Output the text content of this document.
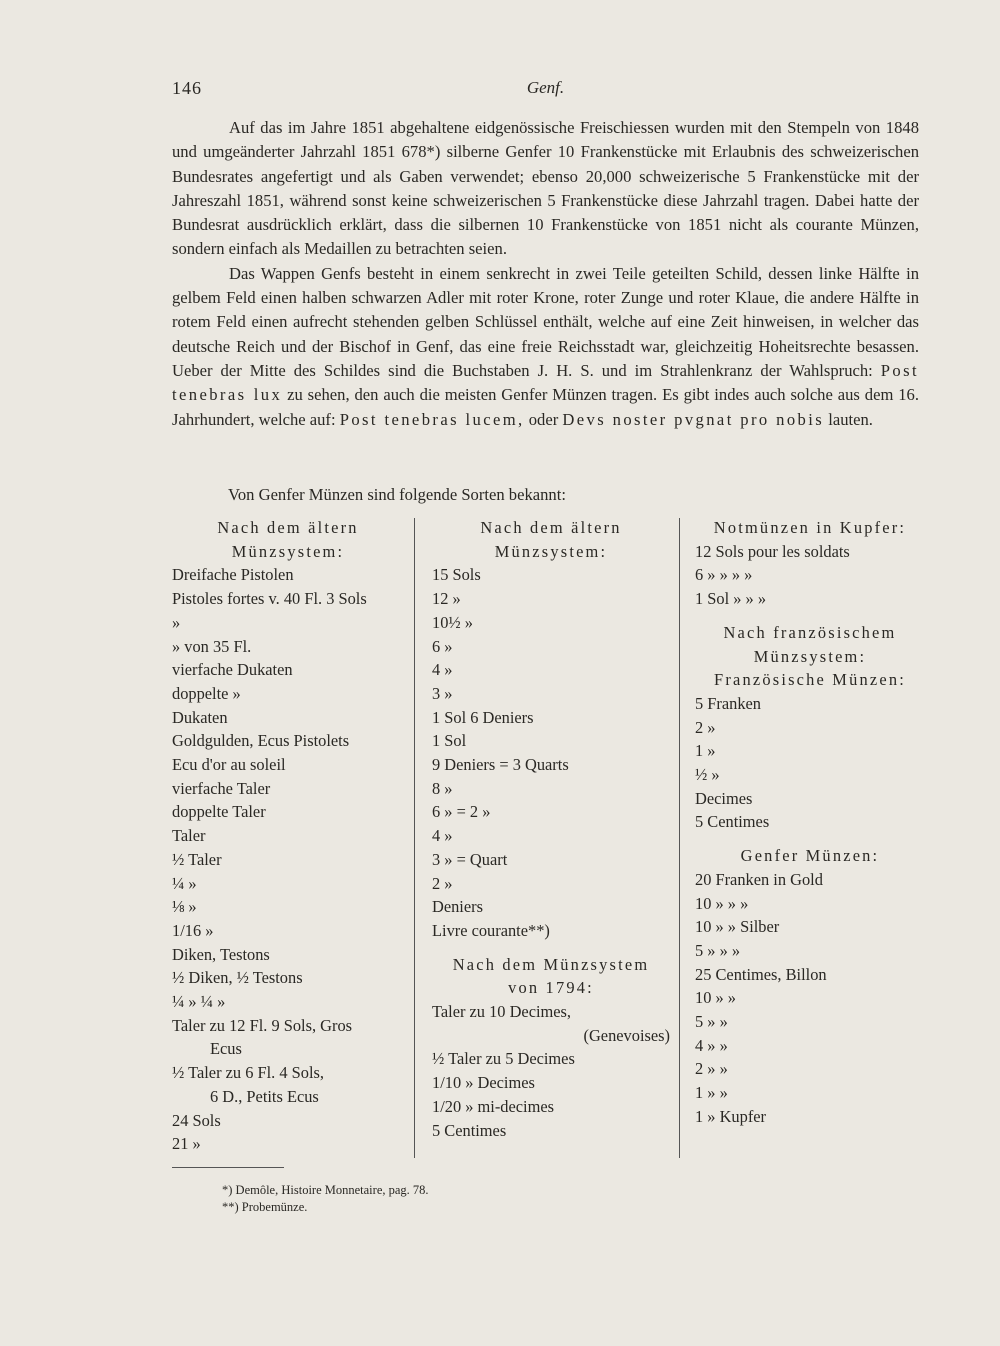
146	Genf.

Auf das im Jahre 1851 abgehaltene eidgenössische Freischiessen wurden mit den Stempeln von 1848 und umgeänderter Jahrzahl 1851 678*) silberne Genfer 10 Frankenstücke mit Erlaubnis des schweizerischen Bundesrates angefertigt und als Gaben verwendet; ebenso 20,000 schweizerische 5 Frankenstücke mit der Jahreszahl 1851, während sonst keine schweizerischen 5 Frankenstücke diese Jahrzahl tragen. Dabei hatte der Bundesrat ausdrücklich erklärt, dass die silbernen 10 Frankenstücke von 1851 nicht als courante Münzen, sondern einfach als Medaillen zu betrachten seien.

Das Wappen Genfs besteht in einem senkrecht in zwei Teile geteilten Schild, dessen linke Hälfte in gelbem Feld einen halben schwarzen Adler mit roter Krone, roter Zunge und roter Klaue, die andere Hälfte in rotem Feld einen aufrecht stehenden gelben Schlüssel enthält, welche auf eine Zeit hinweisen, in welcher das deutsche Reich und der Bischof in Genf, das eine freie Reichsstadt war, gleichzeitig Hoheitsrechte besassen. Ueber der Mitte des Schildes sind die Buchstaben J. H. S. und im Strahlenkranz der Wahlspruch: Post tenebras lux zu sehen, den auch die meisten Genfer Münzen tragen. Es gibt indes auch solche aus dem 16. Jahrhundert, welche auf: Post tenebras lucem, oder Devs noster pvgnat pro nobis lauten.

Von Genfer Münzen sind folgende Sorten bekannt:
Nach dem ältern
Münzsystem:
Dreifache Pistolen
Pistoles fortes v. 40 Fl. 3 Sols
»
» von 35 Fl.
vierfache Dukaten
doppelte »
Dukaten
Goldgulden, Ecus Pistolets
Ecu d'or au soleil
vierfache Taler
doppelte Taler
Taler
½ Taler
¼ »
⅛ »
1/16 »
Diken, Testons
½ Diken, ½ Testons
¼ » ¼ »
Taler zu 12 Fl. 9 Sols, Gros
Ecus
½ Taler zu 6 Fl. 4 Sols,
6 D., Petits Ecus
24 Sols
21 »
Nach dem ältern
Münzsystem:
15 Sols
12 »
10½ »
6 »
4 »
3 »
1 Sol 6 Deniers
1 Sol
9 Deniers = 3 Quarts
8 »
6 » = 2 »
4 »
3 » = Quart
2 »
Deniers
Livre courante**)
Nach dem Münzsystem
von 1794:
Taler zu 10 Decimes,
(Genevoises)
½ Taler zu 5 Decimes
1/10 » Decimes
1/20 » mi-decimes
5 Centimes
Notmünzen in Kupfer:
12 Sols pour les soldats
6 » » » »
1 Sol » » »
Nach französischem
Münzsystem:
Französische Münzen:
5 Franken
2 »
1 »
½ »
Decimes
5 Centimes
Genfer Münzen:
20 Franken in Gold
10 » » »
10 » » Silber
5 » » »
25 Centimes, Billon
10 » »
5 » »
4 » »
2 » »
1 » »
1 » Kupfer
*) Demôle, Histoire Monnetaire, pag. 78.
**) Probemünze.
